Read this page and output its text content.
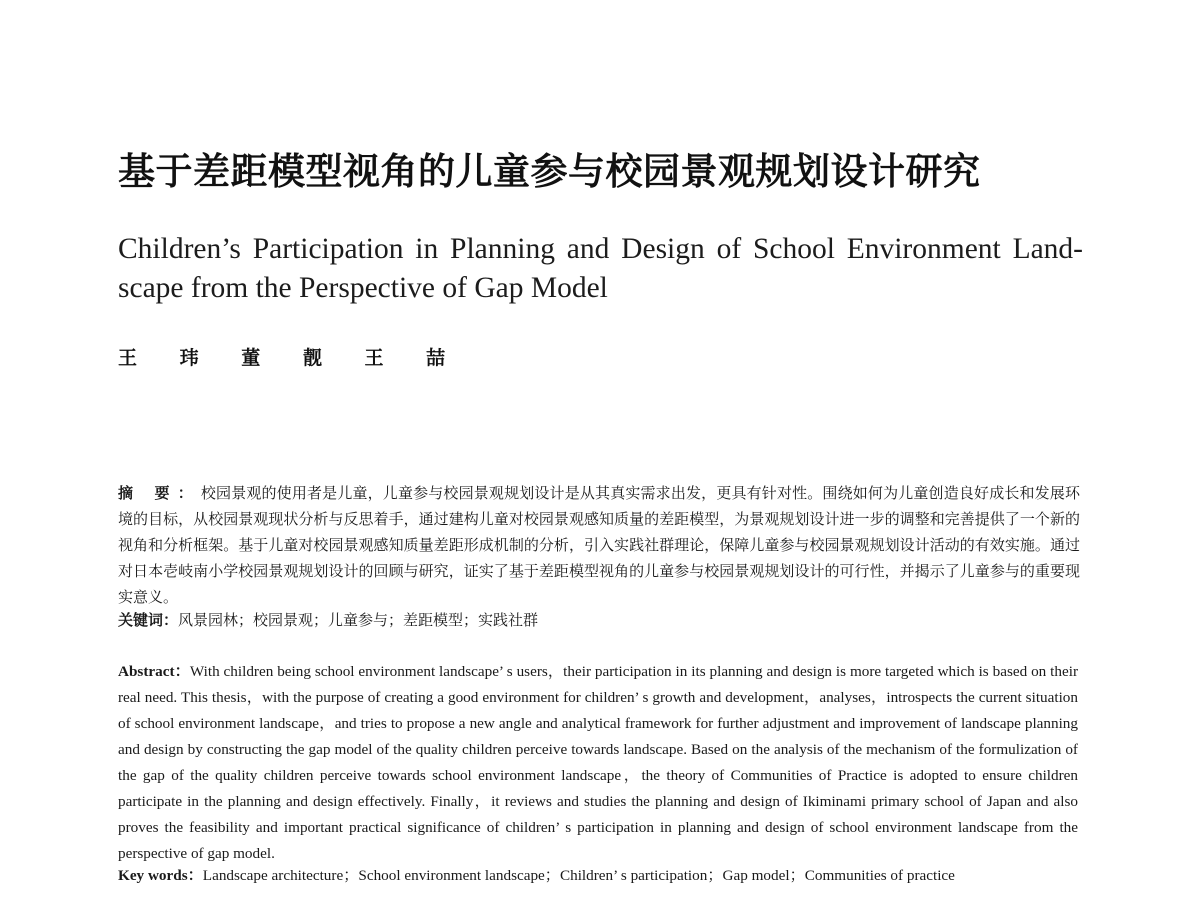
基于差距模型视角的儿童参与校园景观规划设计研究
Children’s Participation in Planning and Design of School Environment Land-scape from the Perspective of Gap Model
王 玮 董 靓 王 喆

摘 要：校园景观的使用者是儿童，儿童参与校园景观规划设计是从其真实需求出发，更具有针对性。围绕如何为儿童创造良好成长和发展环境的目标，从校园景观现状分析与反思着手，通过建构儿童对校园景观感知质量的差距模型，为景观规划设计进一步的调整和完善提供了一个新的视角和分析框架。基于儿童对校园景观感知质量差距形成机制的分析，引入实践社群理论，保障儿童参与校园景观规划设计活动的有效实施。通过对日本壱岐南小学校园景观规划设计的回顾与研究，证实了基于差距模型视角的儿童参与校园景观规划设计的可行性，并揭示了儿童参与的重要现实意义。

关键词：风景园林；校园景观；儿童参与；差距模型；实践社群

Abstract：With children being school environment landscape’ s users，their participation in its planning and design is more targeted which is based on their real need. This thesis，with the purpose of creating a good environment for children’ s growth and development，analyses，introspects the current situation of school environment landscape，and tries to propose a new angle and analytical framework for further adjustment and improvement of landscape planning and design by constructing the gap model of the quality children perceive towards landscape. Based on the analysis of the mechanism of the formulization of the gap of the quality children perceive towards school environment landscape，the theory of Communities of Practice is adopted to ensure children participate in the planning and design effectively. Finally，it reviews and studies the planning and design of Ikiminami primary school of Japan and also proves the feasibility and important practical significance of children’ s participation in planning and design of school environment landscape from the perspective of gap model.

Key words：Landscape architecture；School environment landscape；Children’ s participation；Gap model；Communities of practice
